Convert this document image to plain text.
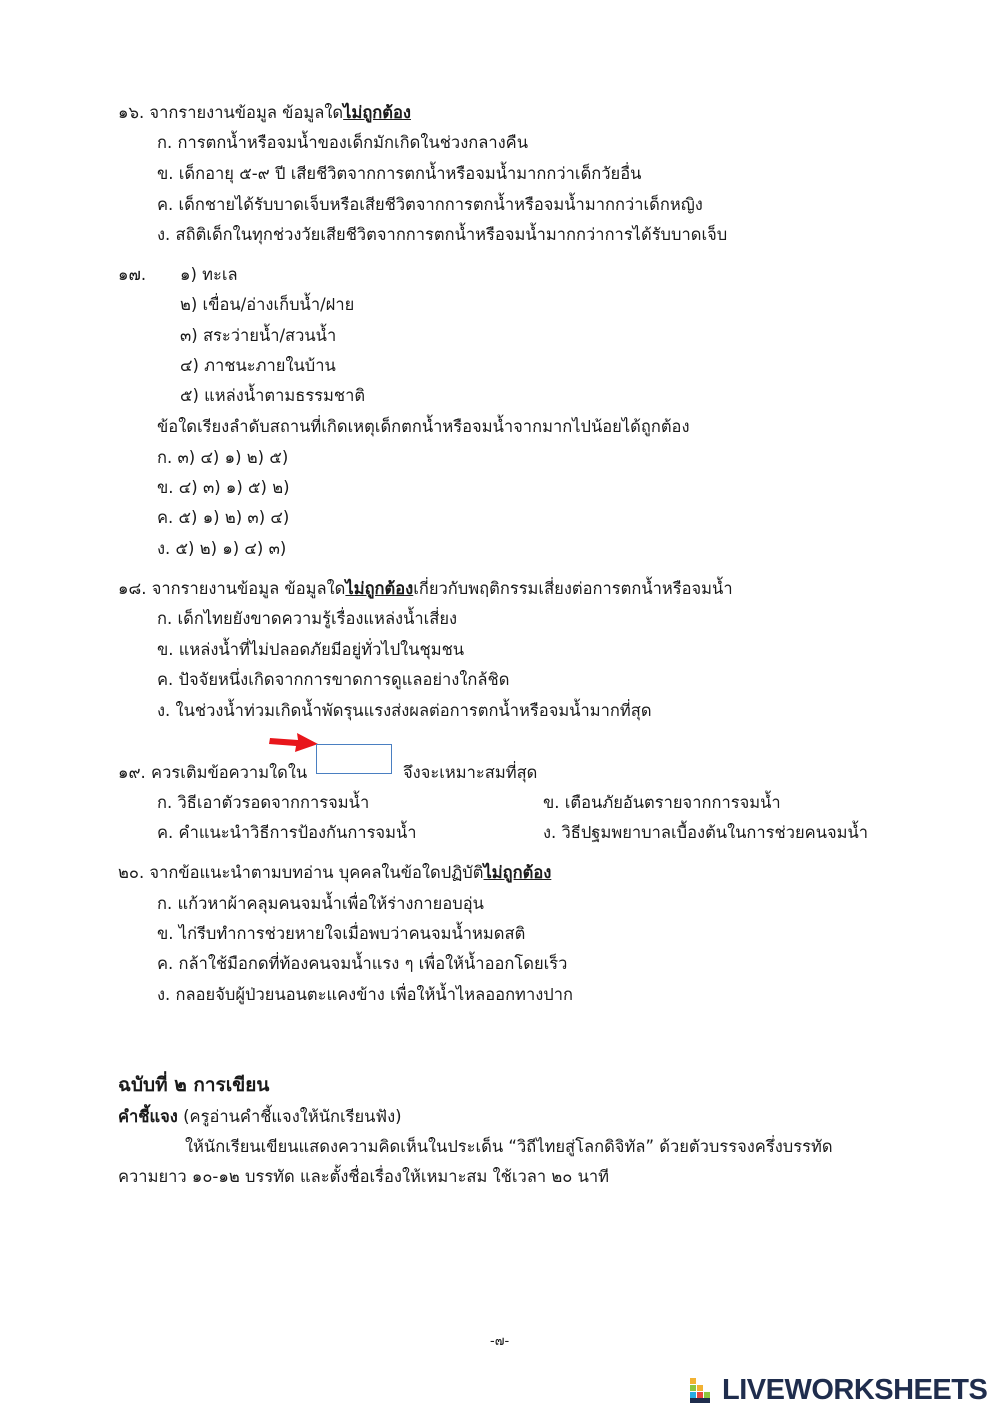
๑๖. จากรายงานข้อมูล ข้อมูลใดไม่ถูกต้อง
ก. การตกน้ำหรือจมน้ำของเด็กมักเกิดในช่วงกลางคืน
ข. เด็กอายุ ๕-๙ ปี เสียชีวิตจากการตกน้ำหรือจมน้ำมากกว่าเด็กวัยอื่น
ค. เด็กชายได้รับบาดเจ็บหรือเสียชีวิตจากการตกน้ำหรือจมน้ำมากกว่าเด็กหญิง
ง. สถิติเด็กในทุกช่วงวัยเสียชีวิตจากการตกน้ำหรือจมน้ำมากกว่าการได้รับบาดเจ็บ
๑๗. ๑) ทะเล
๒) เขื่อน/อ่างเก็บน้ำ/ฝาย
๓) สระว่ายน้ำ/สวนน้ำ
๔) ภาชนะภายในบ้าน
๕) แหล่งน้ำตามธรรมชาติ
ข้อใดเรียงลำดับสถานที่เกิดเหตุเด็กตกน้ำหรือจมน้ำจากมากไปน้อยได้ถูกต้อง
ก. ๓) ๔) ๑) ๒) ๕)
ข. ๔) ๓) ๑) ๕) ๒)
ค. ๕) ๑) ๒) ๓) ๔)
ง. ๕) ๒) ๑) ๔) ๓)
๑๘. จากรายงานข้อมูล ข้อมูลใดไม่ถูกต้องเกี่ยวกับพฤติกรรมเสี่ยงต่อการตกน้ำหรือจมน้ำ
ก. เด็กไทยยังขาดความรู้เรื่องแหล่งน้ำเสี่ยง
ข. แหล่งน้ำที่ไม่ปลอดภัยมีอยู่ทั่วไปในชุมชน
ค. ปัจจัยหนึ่งเกิดจากการขาดการดูแลอย่างใกล้ชิด
ง. ในช่วงน้ำท่วมเกิดน้ำพัดรุนแรงส่งผลต่อการตกน้ำหรือจมน้ำมากที่สุด
๑๙. ควรเติมข้อความใดใน	จึงจะเหมาะสมที่สุด
ก. วิธีเอาตัวรอดจากการจมน้ำ	ข. เตือนภัยอันตรายจากการจมน้ำ
ค. คำแนะนำวิธีการป้องกันการจมน้ำ	ง. วิธีปฐมพยาบาลเบื้องต้นในการช่วยคนจมน้ำ
๒๐. จากข้อแนะนำตามบทอ่าน บุคคลในข้อใดปฏิบัติไม่ถูกต้อง
ก. แก้วหาผ้าคลุมคนจมน้ำเพื่อให้ร่างกายอบอุ่น
ข. ไก่รีบทำการช่วยหายใจเมื่อพบว่าคนจมน้ำหมดสติ
ค. กล้าใช้มือกดที่ท้องคนจมน้ำแรง ๆ เพื่อให้น้ำออกโดยเร็ว
ง. กลอยจับผู้ป่วยนอนตะแคงข้าง เพื่อให้น้ำไหลออกทางปาก
ฉบับที่ ๒ การเขียน
คำชี้แจง (ครูอ่านคำชี้แจงให้นักเรียนฟัง)
ให้นักเรียนเขียนแสดงความคิดเห็นในประเด็น “วิถีไทยสู่โลกดิจิทัล” ด้วยตัวบรรจงครึ่งบรรทัด
ความยาว ๑๐-๑๒ บรรทัด และตั้งชื่อเรื่องให้เหมาะสม ใช้เวลา ๒๐ นาที
-๗-
LIVEWORKSHEETS
